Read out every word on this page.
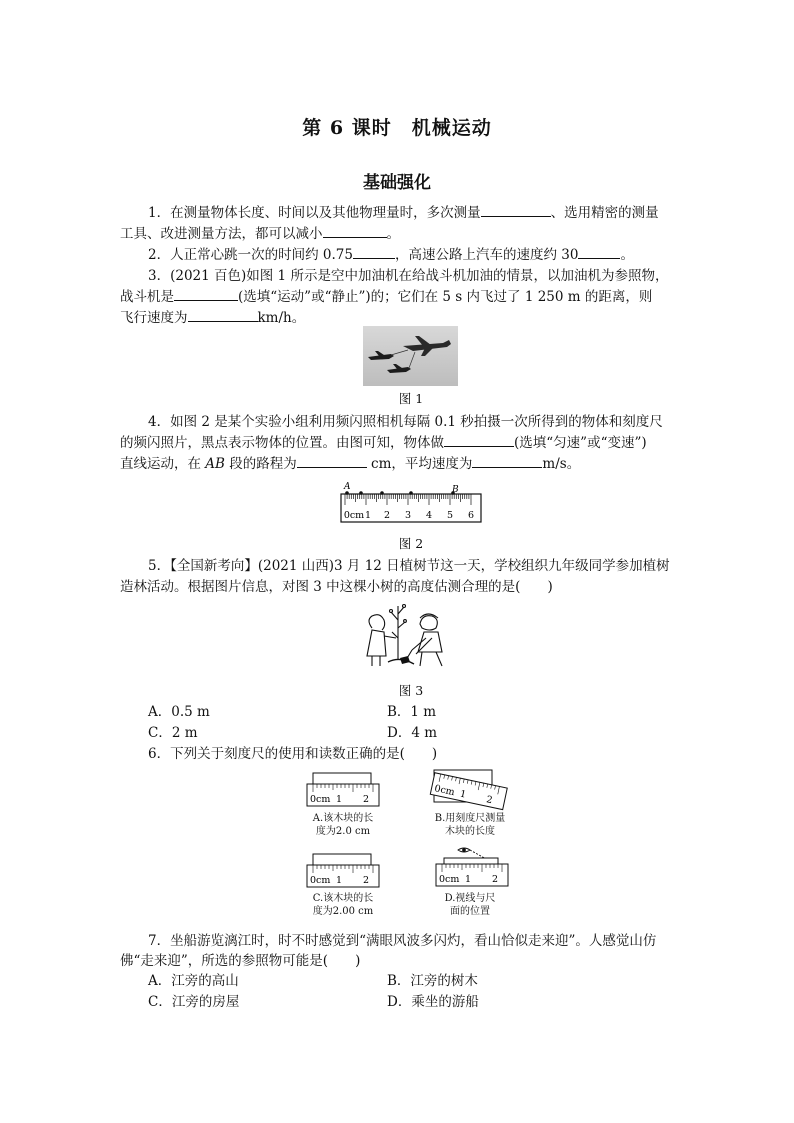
第 6 课时　机械运动
基础强化
1．在测量物体长度、时间以及其他物理量时，多次测量	、选用精密的测量
工具、改进测量方法，都可以减小	。
2．人正常心跳一次的时间约 0.75	，高速公路上汽车的速度约 30	。
3．(2021 百色)如图 1 所示是空中加油机在给战斗机加油的情景，以加油机为参照物，
战斗机是	(选填“运动”或“静止”)的；它们在 5 s 内飞过了 1 250 m 的距离，则
飞行速度为	km/h。
图 1
4．如图 2 是某个实验小组利用频闪照相机每隔 0.1 秒拍摄一次所得到的物体和刻度尺
的频闪照片，黑点表示物体的位置。由图可知，物体做	(选填“匀速”或“变速”)
直线运动，在 AB 段的路程为	cm，平均速度为	m/s。
A	B
0cm 1 2 3 4 5 6
图 2
5．【全国新考向】(2021 山西)3 月 12 日植树节这一天，学校组织九年级同学参加植树
造林活动。根据图片信息，对图 3 中这棵小树的高度估测合理的是(　　)
图 3
A．0.5 m	B．1 m
C．2 m	D．4 m
6．下列关于刻度尺的使用和读数正确的是(　　)
0cm 1 2
A.该木块的长
度为2.0 cm
0cm 1 2
B.用刻度尺测量
木块的长度
0cm 1 2
C.该木块的长
度为2.00 cm
0cm 1 2
D.视线与尺
面的位置
7．坐船游览漓江时，时不时感觉到“满眼风波多闪灼，看山恰似走来迎”。人感觉山仿
佛“走来迎”，所选的参照物可能是(　　)
A．江旁的高山	B．江旁的树木
C．江旁的房屋	D．乘坐的游船
